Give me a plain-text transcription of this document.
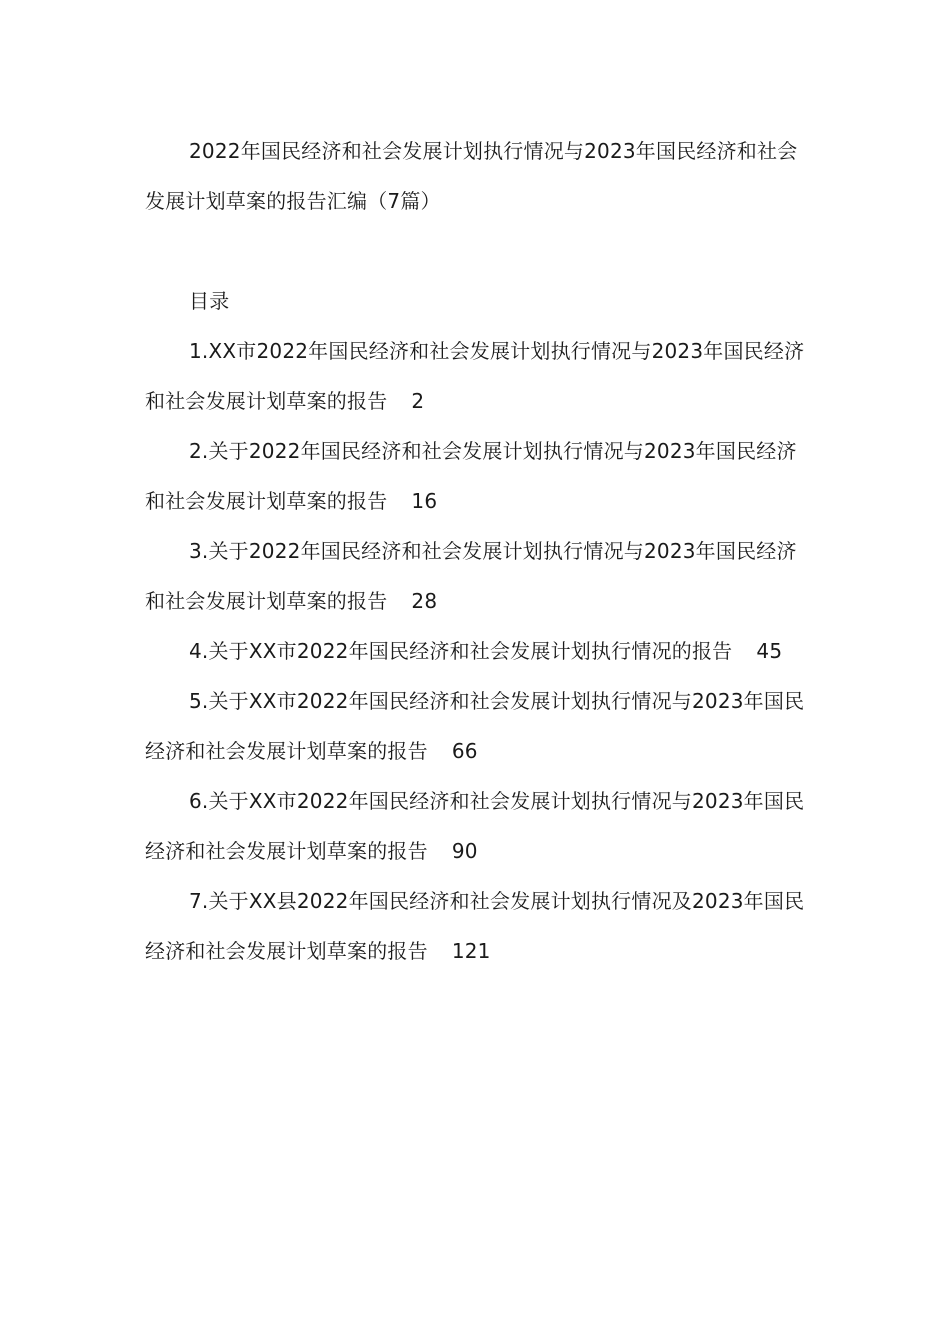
2022年国民经济和社会发展计划执行情况与2023年国民经济和社会发展计划草案的报告汇编（7篇）
目录
1.XX市2022年国民经济和社会发展计划执行情况与2023年国民经济和社会发展计划草案的报告 2
2.关于2022年国民经济和社会发展计划执行情况与2023年国民经济和社会发展计划草案的报告 16
3.关于2022年国民经济和社会发展计划执行情况与2023年国民经济和社会发展计划草案的报告 28
4.关于XX市2022年国民经济和社会发展计划执行情况的报告 45
5.关于XX市2022年国民经济和社会发展计划执行情况与2023年国民经济和社会发展计划草案的报告 66
6.关于XX市2022年国民经济和社会发展计划执行情况与2023年国民经济和社会发展计划草案的报告 90
7.关于XX县2022年国民经济和社会发展计划执行情况及2023年国民经济和社会发展计划草案的报告 121
